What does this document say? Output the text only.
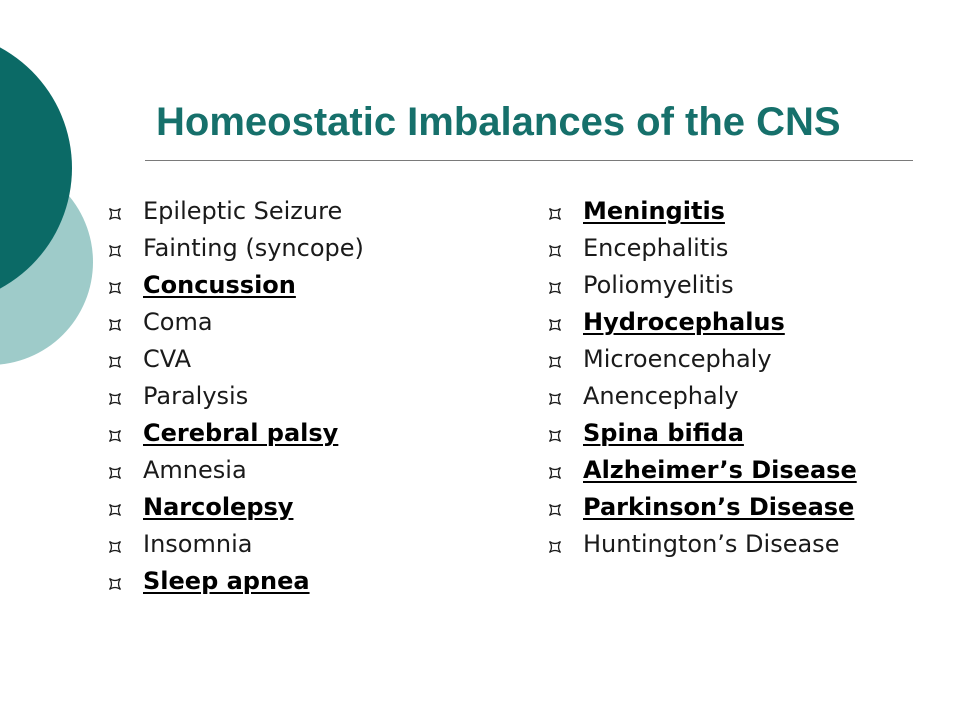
Homeostatic Imbalances of the CNS
Epileptic Seizure
Fainting (syncope)
Concussion
Coma
CVA
Paralysis
Cerebral palsy
Amnesia
Narcolepsy
Insomnia
Sleep apnea
Meningitis
Encephalitis
Poliomyelitis
Hydrocephalus
Microencephaly
Anencephaly
Spina bifida
Alzheimer’s Disease
Parkinson’s Disease
Huntington’s Disease
